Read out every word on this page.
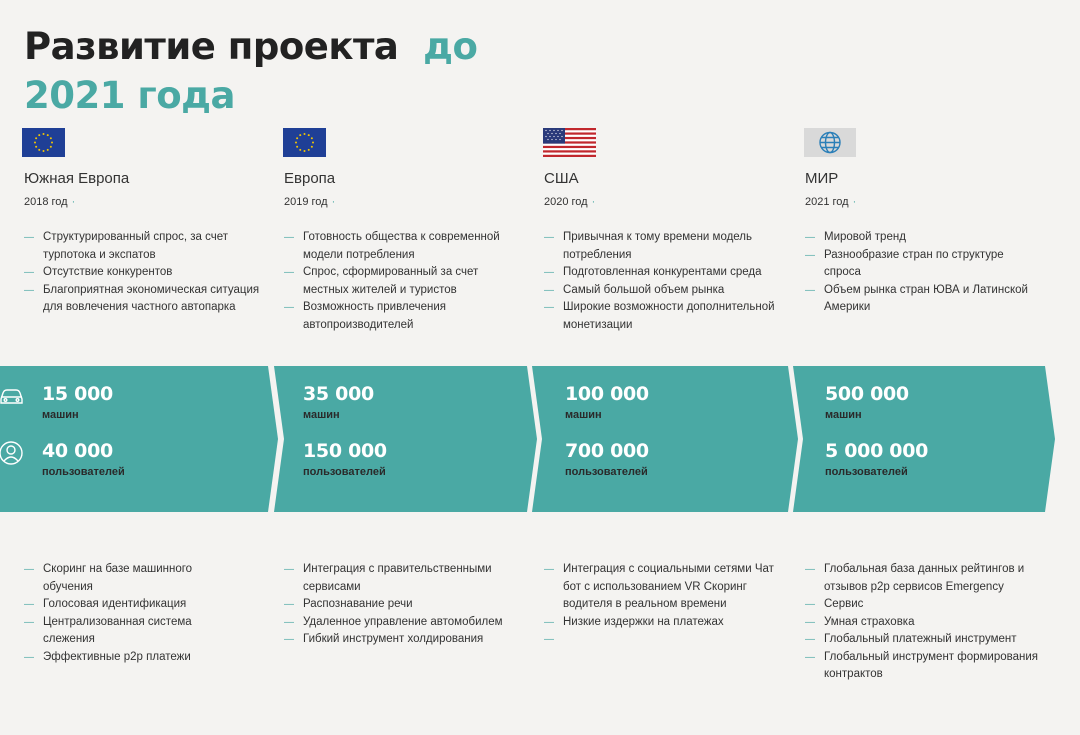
Развитие проекта до
2021 года
Южная Европа
2018 год ·
— Структурированный спрос, за счет турпотока и экспатов
— Отсутствие конкурентов
— Благоприятная экономическая ситуация для вовлечения частного автопарка
15 000
машин
40 000
пользователей
— Скоринг на базе машинного обучения
— Голосовая идентификация
— Централизованная система слежения
— Эффективные p2p платежи
Европа
2019 год ·
— Готовность общества к современной модели потребления
— Спрос, сформированный за счет местных жителей и туристов
— Возможность привлечения автопроизводителей
35 000
машин
150 000
пользователей
— Интеграция с правительственными сервисами
— Распознавание речи
— Удаленное управление автомобилем
— Гибкий инструмент холдирования
США
2020 год ·
— Привычная к тому времени модель потребления
— Подготовленная конкурентами среда
— Самый большой объем рынка
— Широкие возможности дополнительной монетизации
100 000
машин
700 000
пользователей
— Интеграция с социальными сетями Чат бот с использованием VR Скоринг водителя в реальном времени
— Низкие издержки на платежах
—
МИР
2021 год ·
— Мировой тренд
— Разнообразие стран по структуре спроса
— Объем рынка стран ЮВА и Латинской Америки
500 000
машин
5 000 000
пользователей
— Глобальная база данных рейтингов и отзывов p2p сервисов Emergency
— Сервис
— Умная страховка
— Глобальный платежный инструмент
— Глобальный инструмент формирования контрактов
